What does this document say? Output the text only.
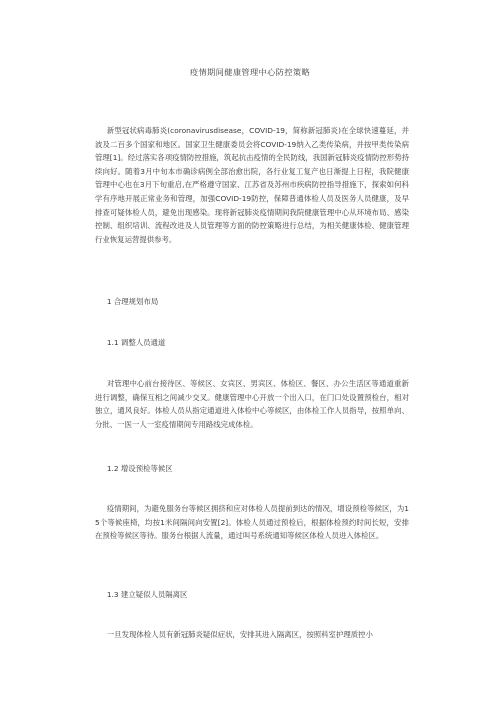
疫情期间健康管理中心防控策略

新型冠状病毒肺炎(coronavirusdisease，COVID-19，简称新冠肺炎)在全球快速蔓延，并波及二百多个国家和地区。国家卫生健康委员会将COVID-19纳入乙类传染病，并按甲类传染病管理[1]。经过落实各项疫情防控措施，筑起抗击疫情的全民防线，我国新冠肺炎疫情防控形势持续向好。随着3月中旬本市确诊病例全部治愈出院，各行业复工复产也日渐提上日程，我院健康管理中心也在3月下旬重启,在严格遵守国家、江苏省及苏州市疾病防控指导措施下，探索如何科学有序地开展正常业务和管理，加强COVID-19防控，保障普通体检人员及医务人员健康，及早排查可疑体检人员，避免出现感染。现将新冠肺炎疫情期间我院健康管理中心从环境布局、感染控制、组织培训、流程改进及人员管理等方面的防控策略进行总结，为相关健康体检、健康管理行业恢复运营提供参考。

1 合理规划布局

1.1 调整人员通道

对管理中心前台接待区、等候区、女宾区、男宾区、体检区、餐区、办公生活区等通道重新进行调整，确保互相之间减少交叉。健康管理中心开放一个出入口，在门口处设置预检台，相对独立，通风良好。体检人员从指定通道进入体检中心等候区，由体检工作人员指导，按照单向、分批、一医一人一室疫情期间专用路线完成体检。

1.2 增设预检等候区

疫情期间，为避免服务台等候区拥挤和应对体检人员提前到达的情况，增设预检等候区，为15个等候座椅，均按1米间隔间向安置[2]。体检人员通过预检后，根据体检预约时间长短，安排在预检等候区等待。服务台根据人流量，通过叫号系统通知等候区体检人员进入体检区。

1.3 建立疑似人员隔离区

一旦发现体检人员有新冠肺炎疑似症状，安排其进入隔离区，按照科室护理质控小
